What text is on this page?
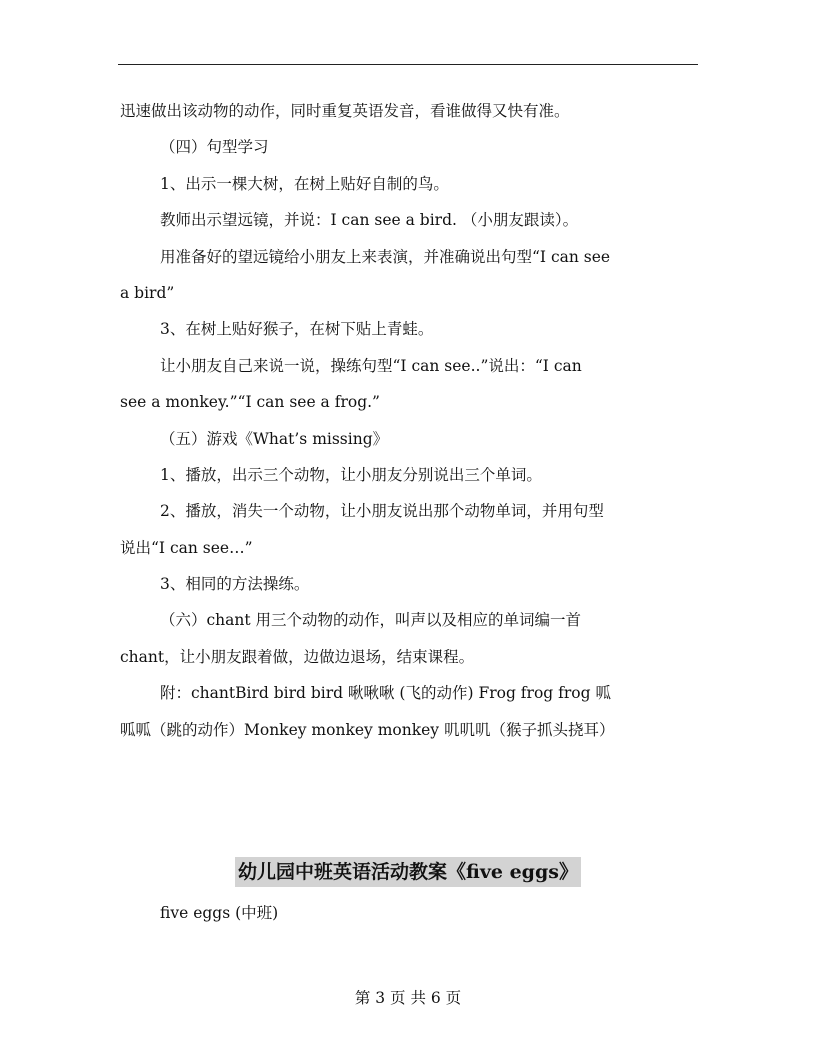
迅速做出该动物的动作，同时重复英语发音，看谁做得又快有准。
（四）句型学习
1、出示一棵大树，在树上贴好自制的鸟。
教师出示望远镜，并说：I can see a bird. （小朋友跟读）。
用准备好的望远镜给小朋友上来表演，并准确说出句型“I can see
a bird”
3、在树上贴好猴子，在树下贴上青蛙。
让小朋友自己来说一说，操练句型“I can see..”说出：“I can
see a monkey.”“I can see a frog.”
（五）游戏《What’s missing》
1、播放，出示三个动物，让小朋友分别说出三个单词。
2、播放，消失一个动物，让小朋友说出那个动物单词，并用句型
说出“I can see…”
3、相同的方法操练。
（六）chant 用三个动物的动作，叫声以及相应的单词编一首
chant，让小朋友跟着做，边做边退场，结束课程。
附：chantBird bird bird 啾啾啾 (飞的动作) Frog frog frog 呱
呱呱（跳的动作）Monkey monkey monkey 叽叽叽（猴子抓头挠耳）
幼儿园中班英语活动教案《five eggs》
five eggs (中班)
第 3 页 共 6 页
